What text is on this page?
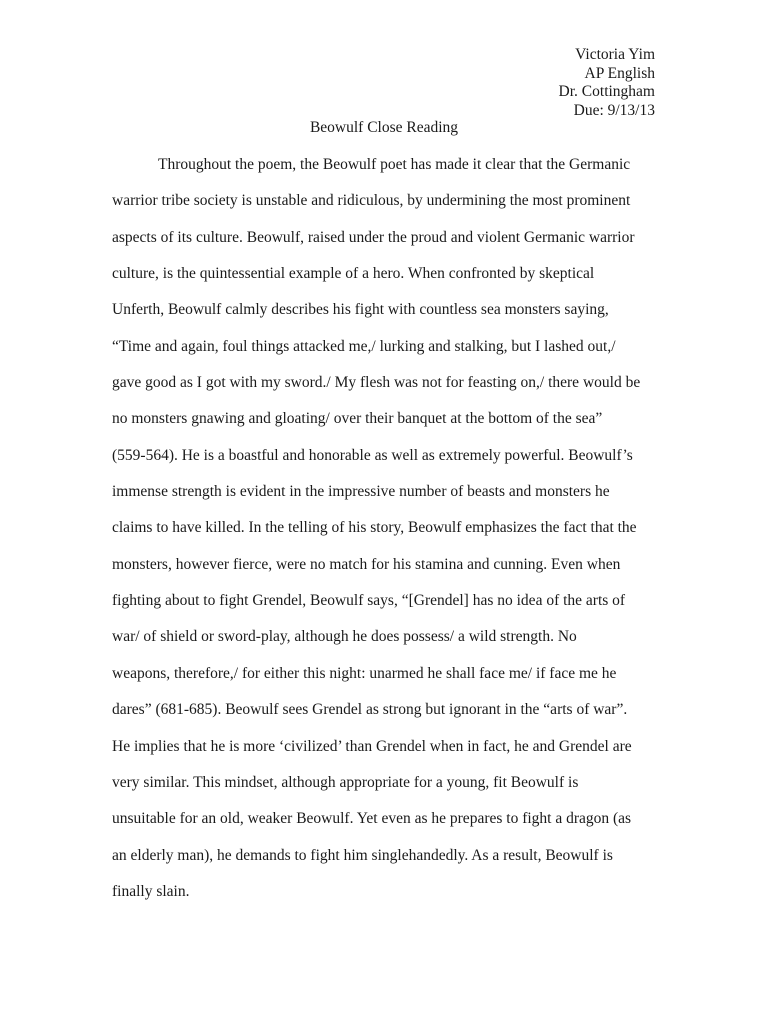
Victoria Yim
AP English
Dr. Cottingham
Due: 9/13/13
Beowulf Close Reading
Throughout the poem, the Beowulf poet has made it clear that the Germanic
warrior tribe society is unstable and ridiculous, by undermining the most prominent
aspects of its culture. Beowulf, raised under the proud and violent Germanic warrior
culture, is the quintessential example of a hero. When confronted by skeptical
Unferth, Beowulf calmly describes his fight with countless sea monsters saying,
“Time and again, foul things attacked me,/ lurking and stalking, but I lashed out,/
gave good as I got with my sword./ My flesh was not for feasting on,/ there would be
no monsters gnawing and gloating/ over their banquet at the bottom of the sea”
(559-564). He is a boastful and honorable as well as extremely powerful. Beowulf’s
immense strength is evident in the impressive number of beasts and monsters he
claims to have killed. In the telling of his story, Beowulf emphasizes the fact that the
monsters, however fierce, were no match for his stamina and cunning. Even when
fighting about to fight Grendel, Beowulf says, “[Grendel] has no idea of the arts of
war/ of shield or sword-play, although he does possess/ a wild strength. No
weapons, therefore,/ for either this night: unarmed he shall face me/ if face me he
dares” (681-685). Beowulf sees Grendel as strong but ignorant in the “arts of war”.
He implies that he is more ‘civilized’ than Grendel when in fact, he and Grendel are
very similar. This mindset, although appropriate for a young, fit Beowulf is
unsuitable for an old, weaker Beowulf. Yet even as he prepares to fight a dragon (as
an elderly man), he demands to fight him singlehandedly. As a result, Beowulf is
finally slain.
